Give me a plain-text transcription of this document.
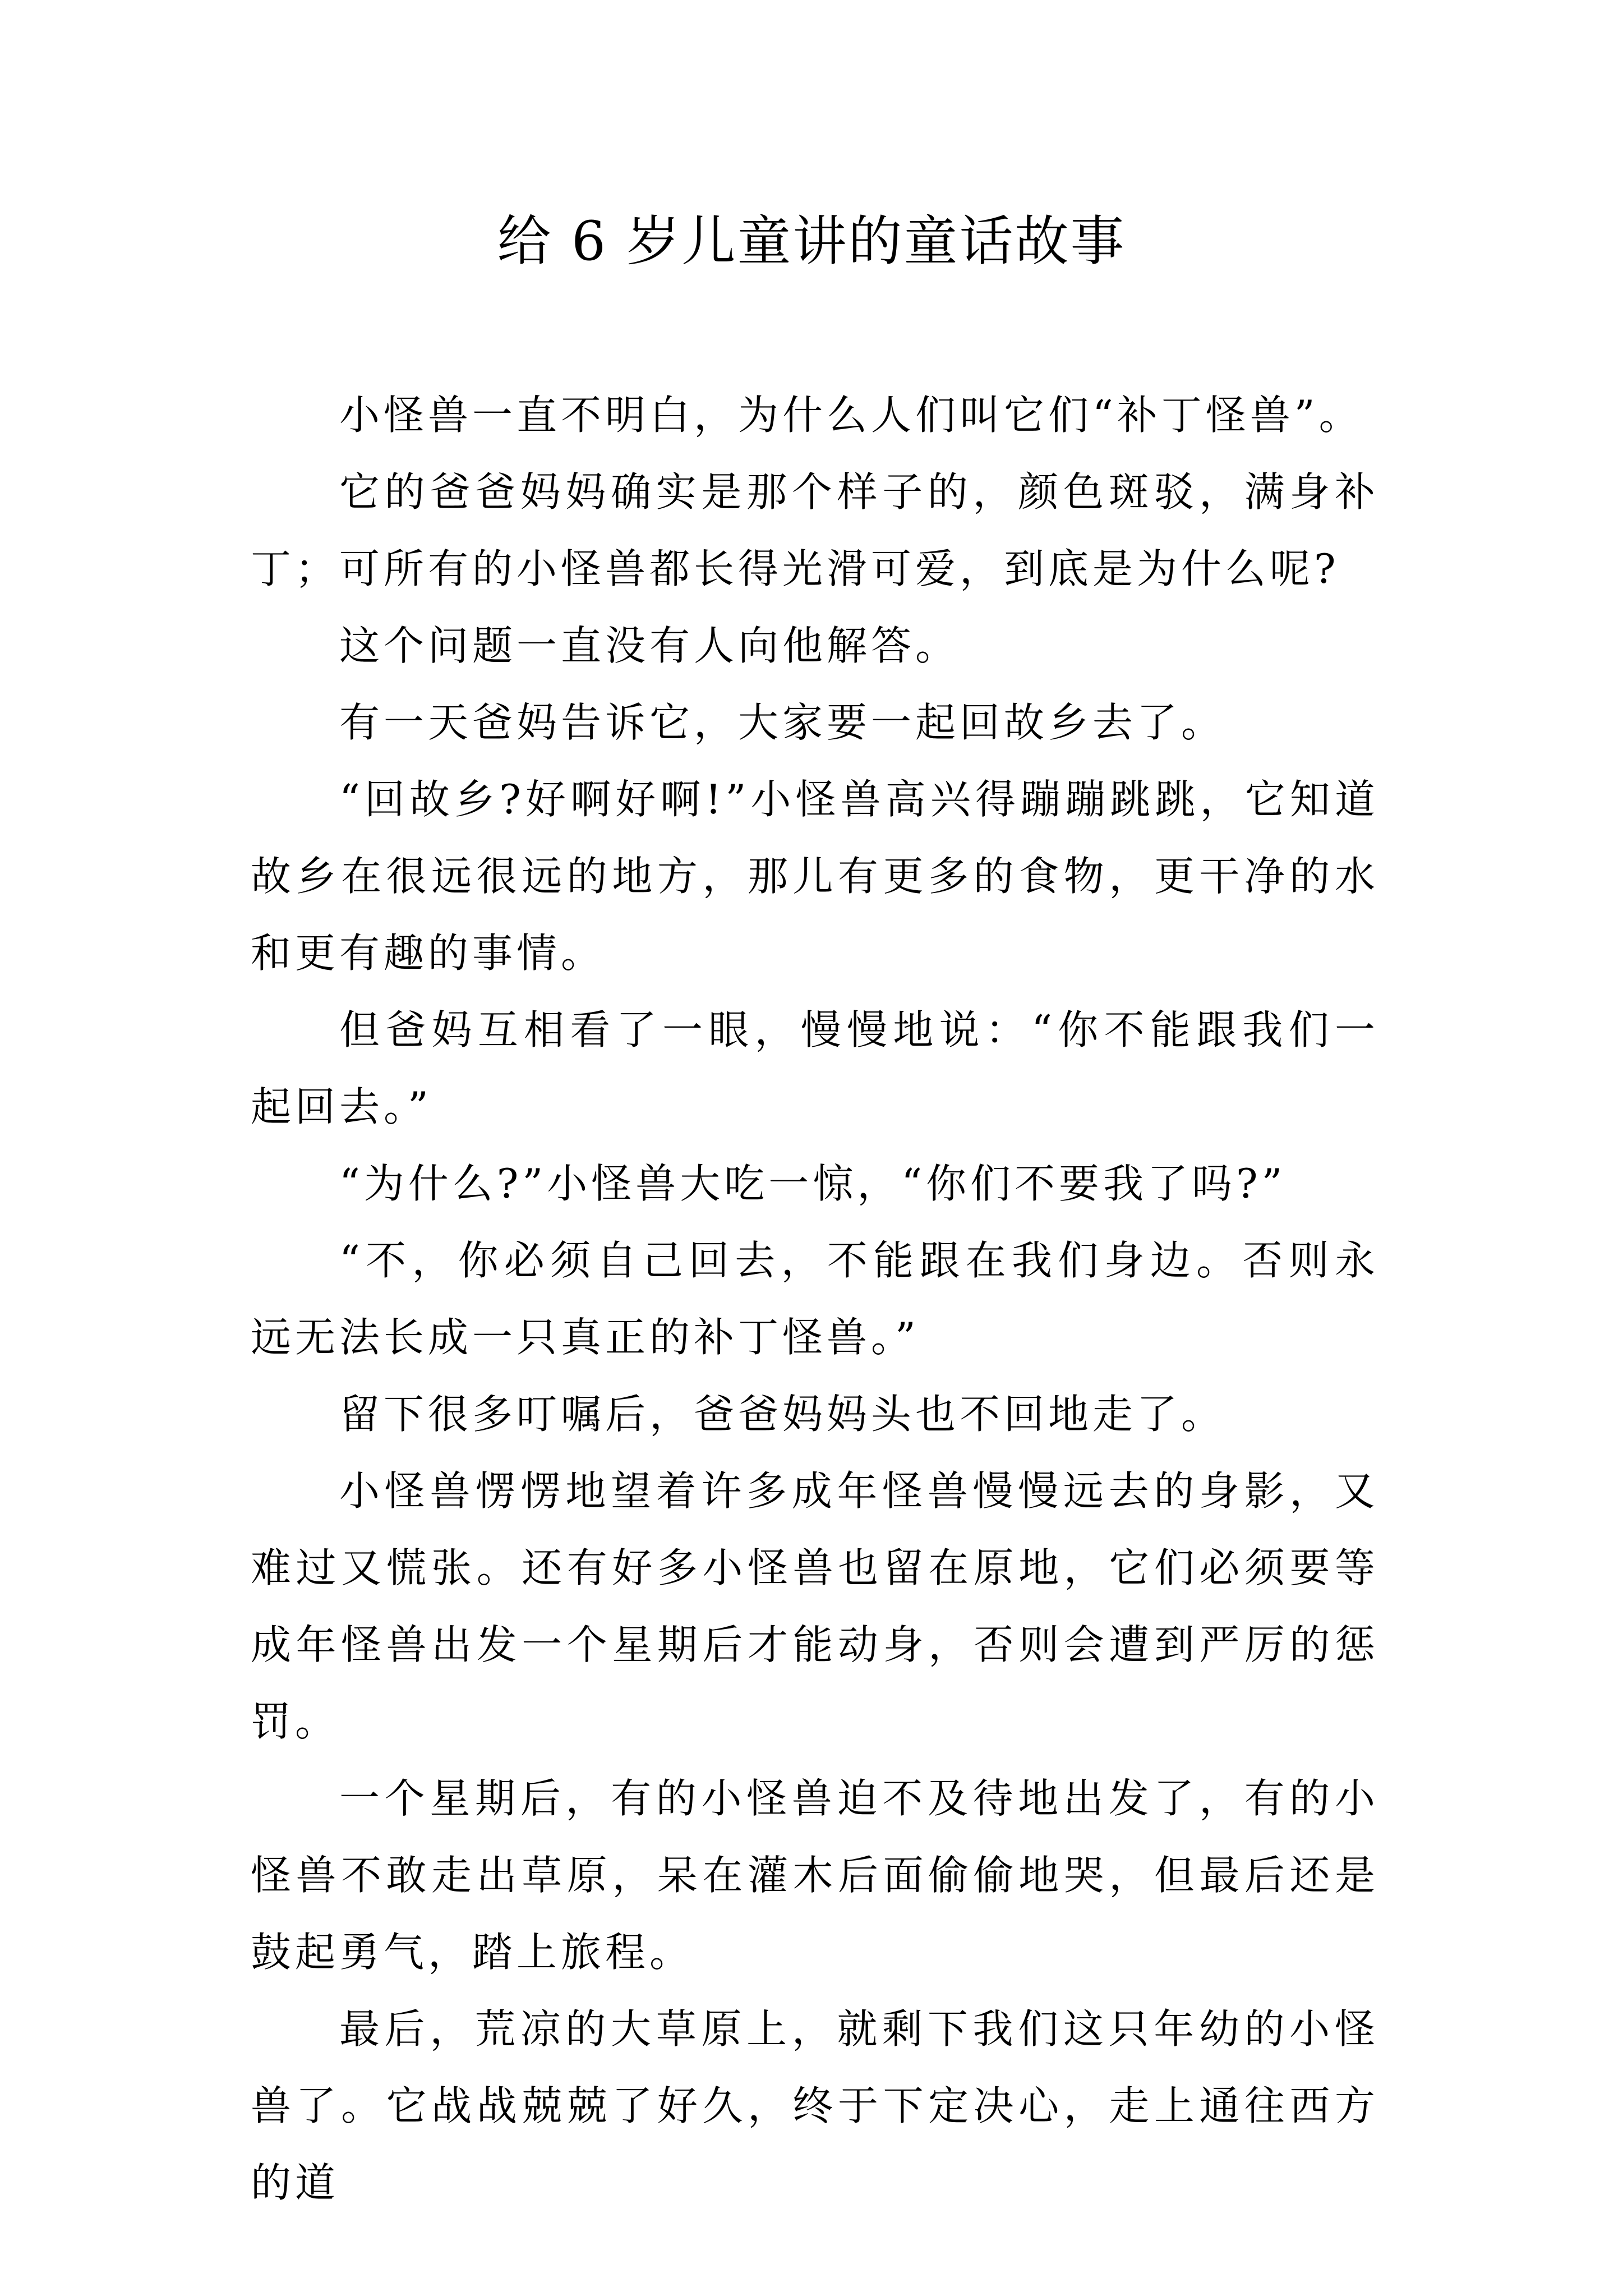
给 6 岁儿童讲的童话故事

小怪兽一直不明白，为什么人们叫它们“补丁怪兽”。

它的爸爸妈妈确实是那个样子的，颜色斑驳，满身补丁；可所有的小怪兽都长得光滑可爱，到底是为什么呢?

这个问题一直没有人向他解答。

有一天爸妈告诉它，大家要一起回故乡去了。

“回故乡?好啊好啊!”小怪兽高兴得蹦蹦跳跳，它知道故乡在很远很远的地方，那儿有更多的食物，更干净的水和更有趣的事情。

但爸妈互相看了一眼，慢慢地说：“你不能跟我们一起回去。”

“为什么?”小怪兽大吃一惊，“你们不要我了吗?”

“不，你必须自己回去，不能跟在我们身边。否则永远无法长成一只真正的补丁怪兽。”

留下很多叮嘱后，爸爸妈妈头也不回地走了。

小怪兽愣愣地望着许多成年怪兽慢慢远去的身影，又难过又慌张。还有好多小怪兽也留在原地，它们必须要等成年怪兽出发一个星期后才能动身，否则会遭到严厉的惩罚。

一个星期后，有的小怪兽迫不及待地出发了，有的小怪兽不敢走出草原，呆在灌木后面偷偷地哭，但最后还是鼓起勇气，踏上旅程。

最后，荒凉的大草原上，就剩下我们这只年幼的小怪兽了。它战战兢兢了好久，终于下定决心，走上通往西方的道
